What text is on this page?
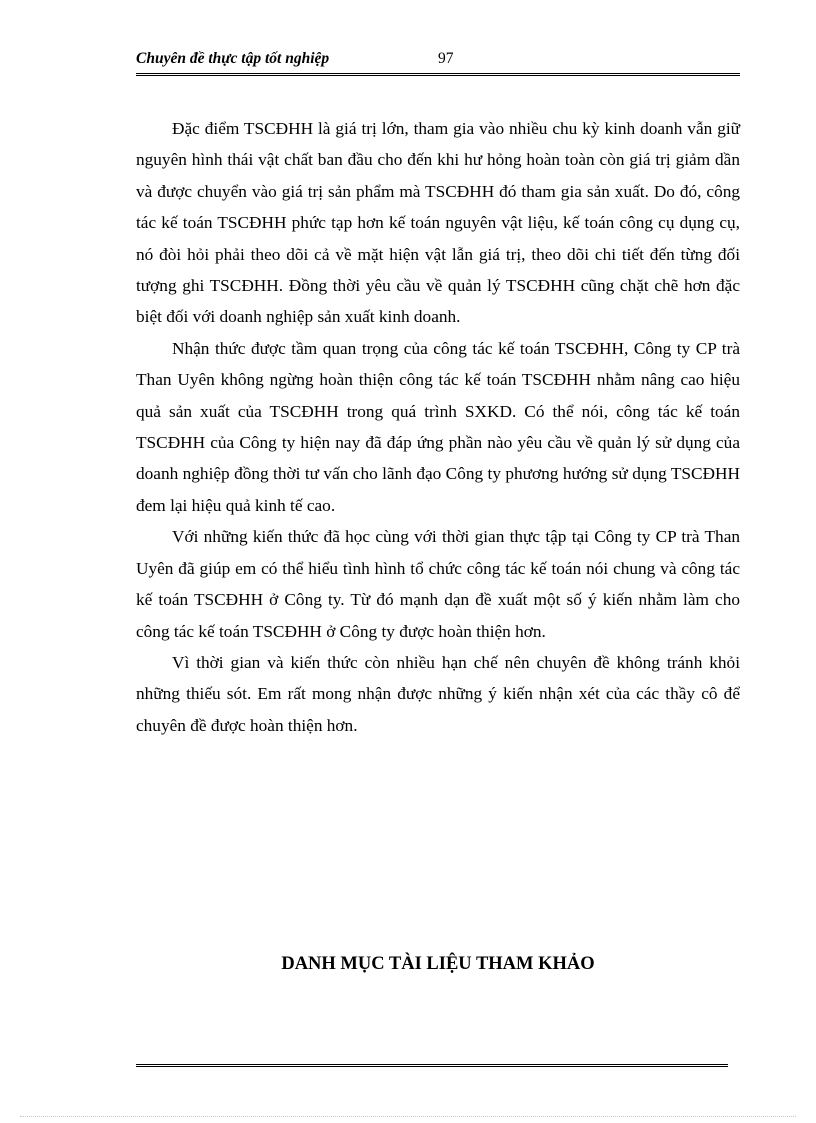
Chuyên đề thực tập tốt nghiệp	97

Đặc điểm TSCĐHH là giá trị lớn, tham gia vào nhiều chu kỳ kinh doanh vẫn giữ nguyên hình thái vật chất ban đầu cho đến khi hư hỏng hoàn toàn còn giá trị giảm dần và được chuyển vào giá trị sản phẩm mà TSCĐHH đó tham gia sản xuất. Do đó, công tác kế toán TSCĐHH phức tạp hơn kế toán nguyên vật liệu, kế toán công cụ dụng cụ, nó đòi hỏi phải theo dõi cả về mặt hiện vật lẫn giá trị, theo dõi chi tiết đến từng đối tượng ghi TSCĐHH. Đồng thời yêu cầu về quản lý TSCĐHH cũng chặt chẽ hơn đặc biệt đối với doanh nghiệp sản xuất kinh doanh.

Nhận thức được tầm quan trọng của công tác kế toán TSCĐHH, Công ty CP trà Than Uyên không ngừng hoàn thiện công tác kế toán TSCĐHH nhằm nâng cao hiệu quả sản xuất của TSCĐHH trong quá trình SXKD. Có thể nói, công tác kế toán TSCĐHH của Công ty hiện nay đã đáp ứng phần nào yêu cầu về quản lý sử dụng của doanh nghiệp đồng thời tư vấn cho lãnh đạo Công ty phương hướng sử dụng TSCĐHH đem lại hiệu quả kinh tế cao.

Với những kiến thức đã học cùng với thời gian thực tập tại Công ty CP trà Than Uyên đã giúp em có thể hiểu tình hình tổ chức công tác kế toán nói chung và công tác kế toán TSCĐHH ở Công ty. Từ đó mạnh dạn đề xuất một số ý kiến nhằm làm cho công tác kế toán TSCĐHH ở Công ty được hoàn thiện hơn.

Vì thời gian và kiến thức còn nhiều hạn chế nên chuyên đề không tránh khỏi những thiếu sót. Em rất mong nhận được những ý kiến nhận xét của các thầy cô để chuyên đề được hoàn thiện hơn.

DANH MỤC TÀI LIỆU THAM KHẢO
